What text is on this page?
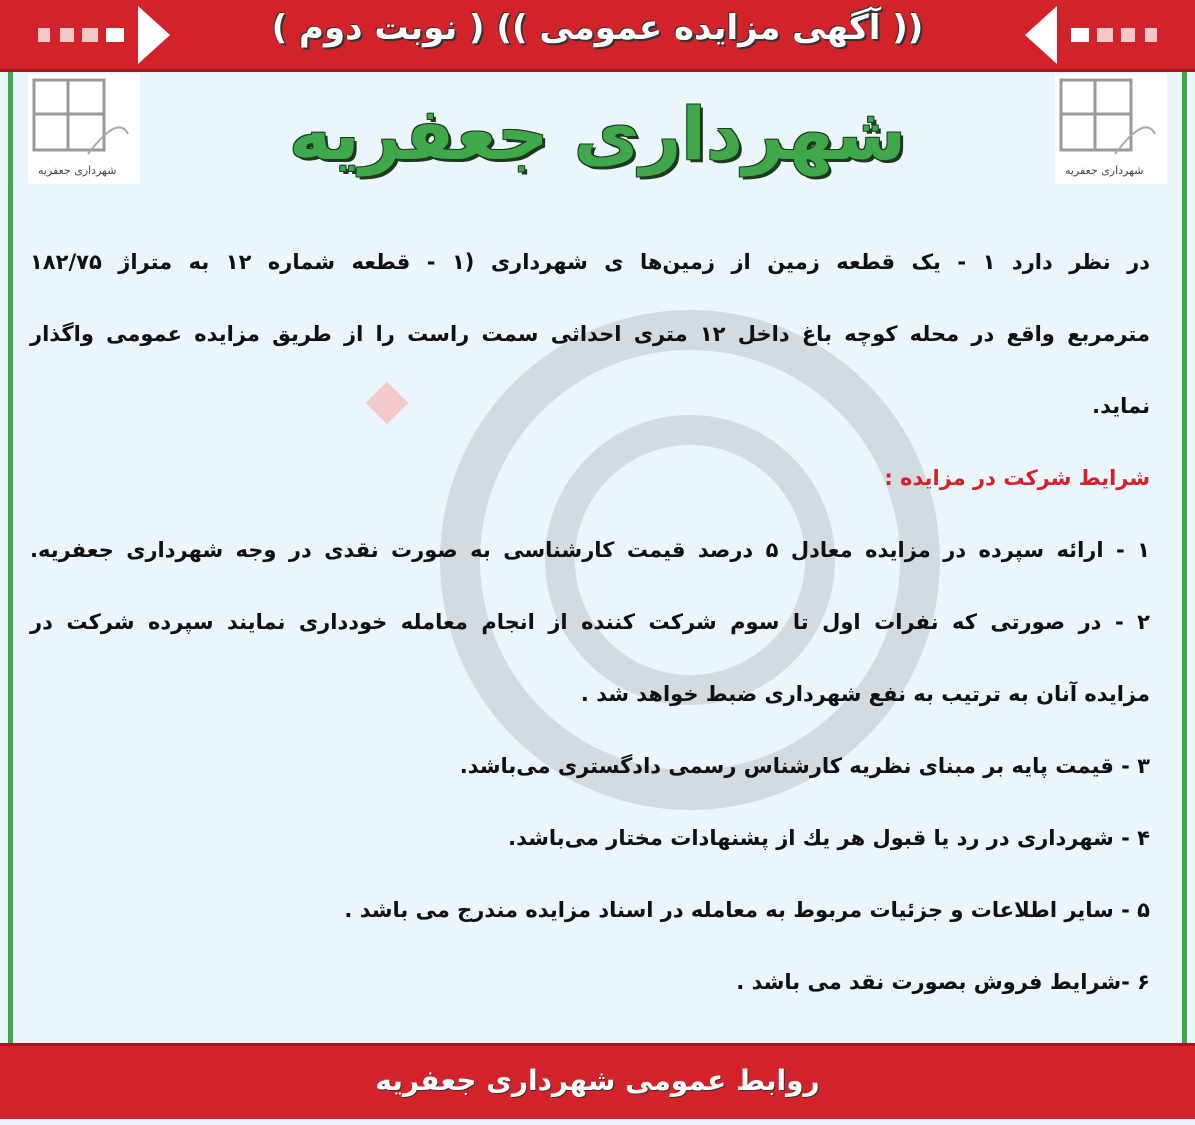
(( آگهی مزایده عمومی )) ( نوبت دوم )
شهرداری جعفریه	شهرداری جعفریه
شهرداری جعفریه
در نظر دارد ۱ - یک قطعه زمین از زمین‌ها ی شهرداری (۱ - قطعه شماره ۱۲ به متراژ ۱۸۲/۷۵
مترمربع واقع در محله کوچه باغ داخل ۱۲ متری احداثی سمت راست را از طریق مزایده عمومی واگذار
نماید.
شرایط شرکت در مزایده :
۱ - ارائه سپرده در مزایده معادل ۵ درصد قیمت کارشناسی به صورت نقدی در وجه شهرداری جعفریه.
۲ - در صورتی که نفرات اول تا سوم شرکت کننده از انجام معامله خودداری نمایند سپرده شرکت در
مزایده آنان به ترتیب به نفع شهرداری ضبط خواهد شد .
۳ - قیمت پایه بر مبنای نظریه کارشناس رسمی دادگستری می‌باشد.
۴ - شهرداری در رد یا قبول هر یك از پشنهادات مختار می‌باشد.
۵ - سایر اطلاعات و جزئیات مربوط به معامله در اسناد مزایده مندرج می باشد .
۶ -شرایط فروش بصورت نقد می باشد .
روابط عمومی شهرداری جعفریه
